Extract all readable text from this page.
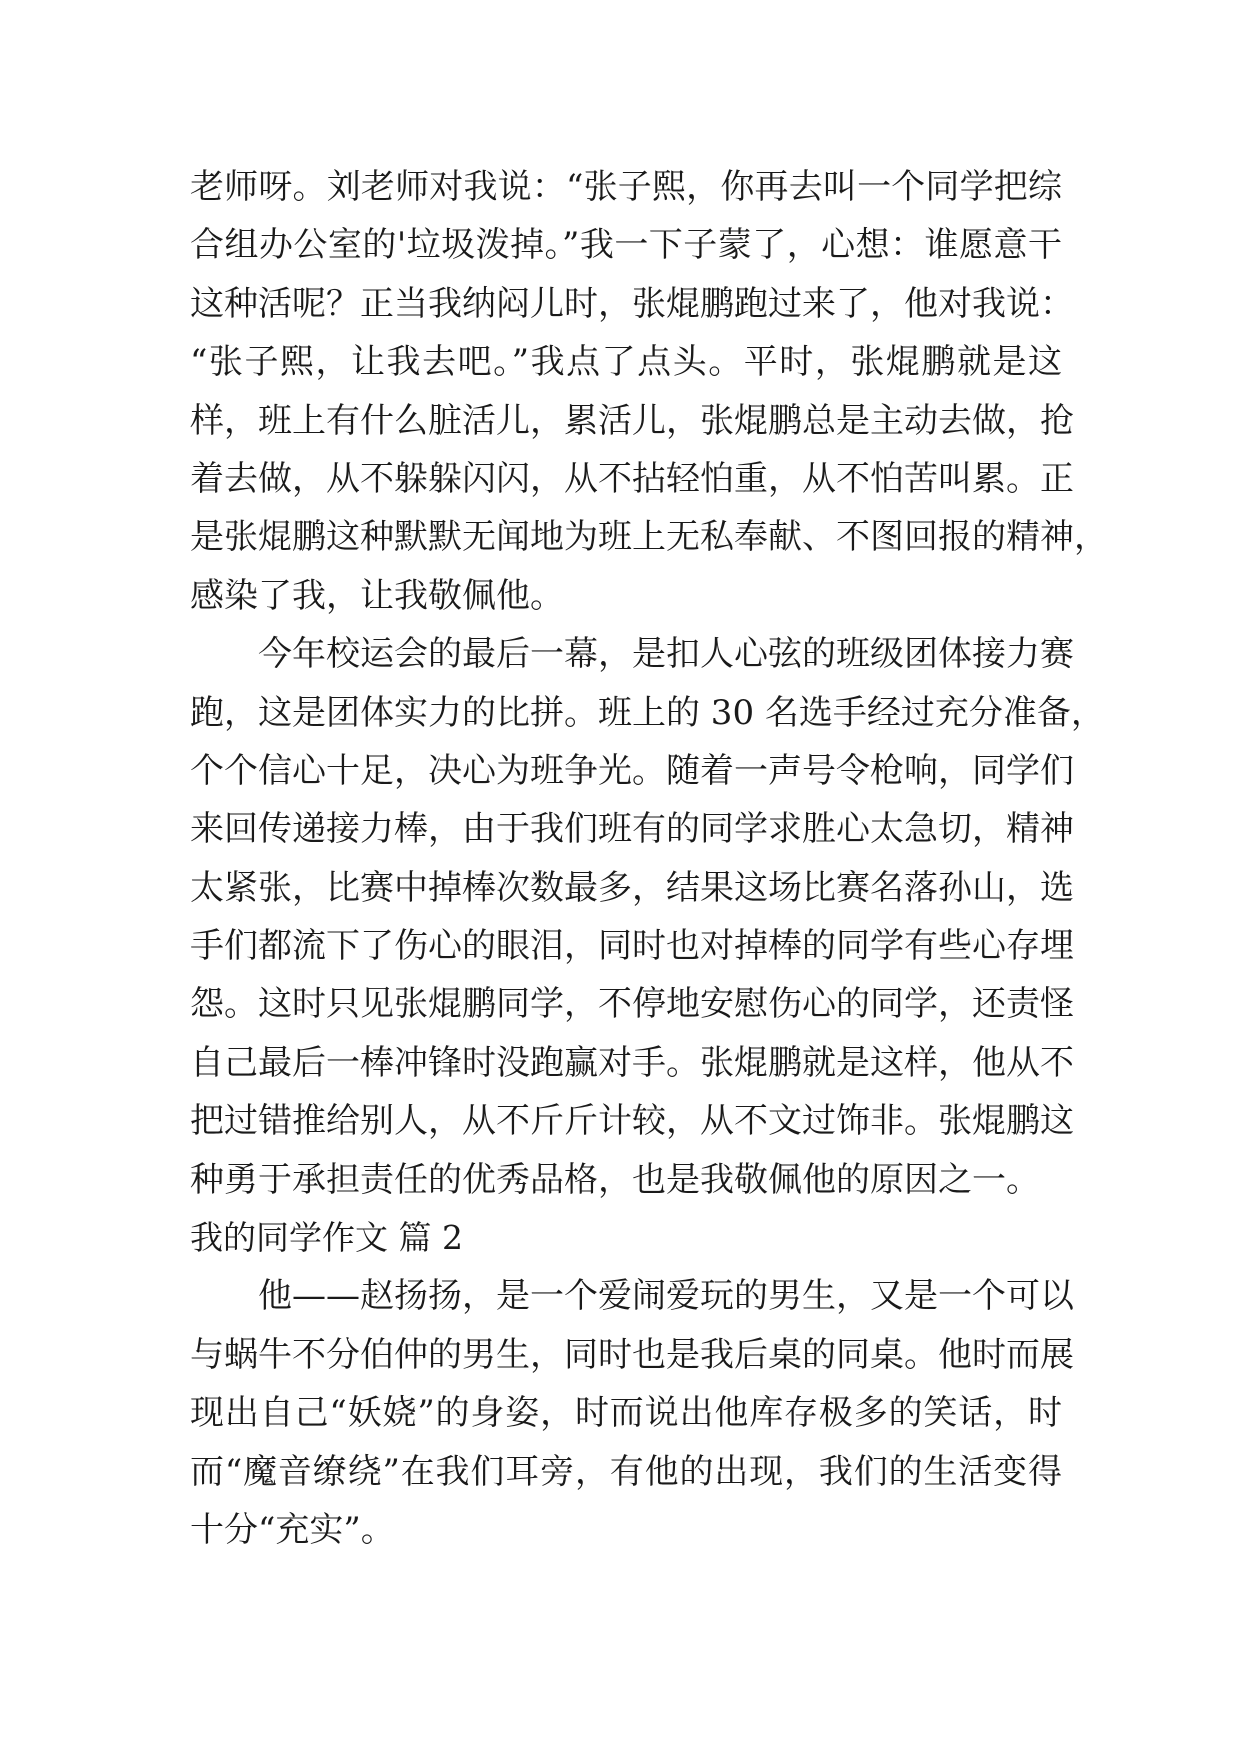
老师呀。刘老师对我说：“张子熙，你再去叫一个同学把综
合组办公室的'垃圾泼掉。”我一下子蒙了，心想：谁愿意干
这种活呢？正当我纳闷儿时，张焜鹏跑过来了，他对我说：
“张子熙，让我去吧。”我点了点头。平时，张焜鹏就是这
样，班上有什么脏活儿，累活儿，张焜鹏总是主动去做，抢
着去做，从不躲躲闪闪，从不拈轻怕重，从不怕苦叫累。正
是张焜鹏这种默默无闻地为班上无私奉献、不图回报的精神，
感染了我，让我敬佩他。
　　今年校运会的最后一幕，是扣人心弦的班级团体接力赛
跑，这是团体实力的比拼。班上的 30 名选手经过充分准备，
个个信心十足，决心为班争光。随着一声号令枪响，同学们
来回传递接力棒，由于我们班有的同学求胜心太急切，精神
太紧张，比赛中掉棒次数最多，结果这场比赛名落孙山，选
手们都流下了伤心的眼泪，同时也对掉棒的同学有些心存埋
怨。这时只见张焜鹏同学，不停地安慰伤心的同学，还责怪
自己最后一棒冲锋时没跑赢对手。张焜鹏就是这样，他从不
把过错推给别人，从不斤斤计较，从不文过饰非。张焜鹏这
种勇于承担责任的优秀品格，也是我敬佩他的原因之一。
我的同学作文 篇 2
　　他——赵扬扬，是一个爱闹爱玩的男生，又是一个可以
与蜗牛不分伯仲的男生，同时也是我后桌的同桌。他时而展
现出自己“妖娆”的身姿，时而说出他库存极多的笑话，时
而“魔音缭绕”在我们耳旁，有他的出现，我们的生活变得
十分“充实”。
